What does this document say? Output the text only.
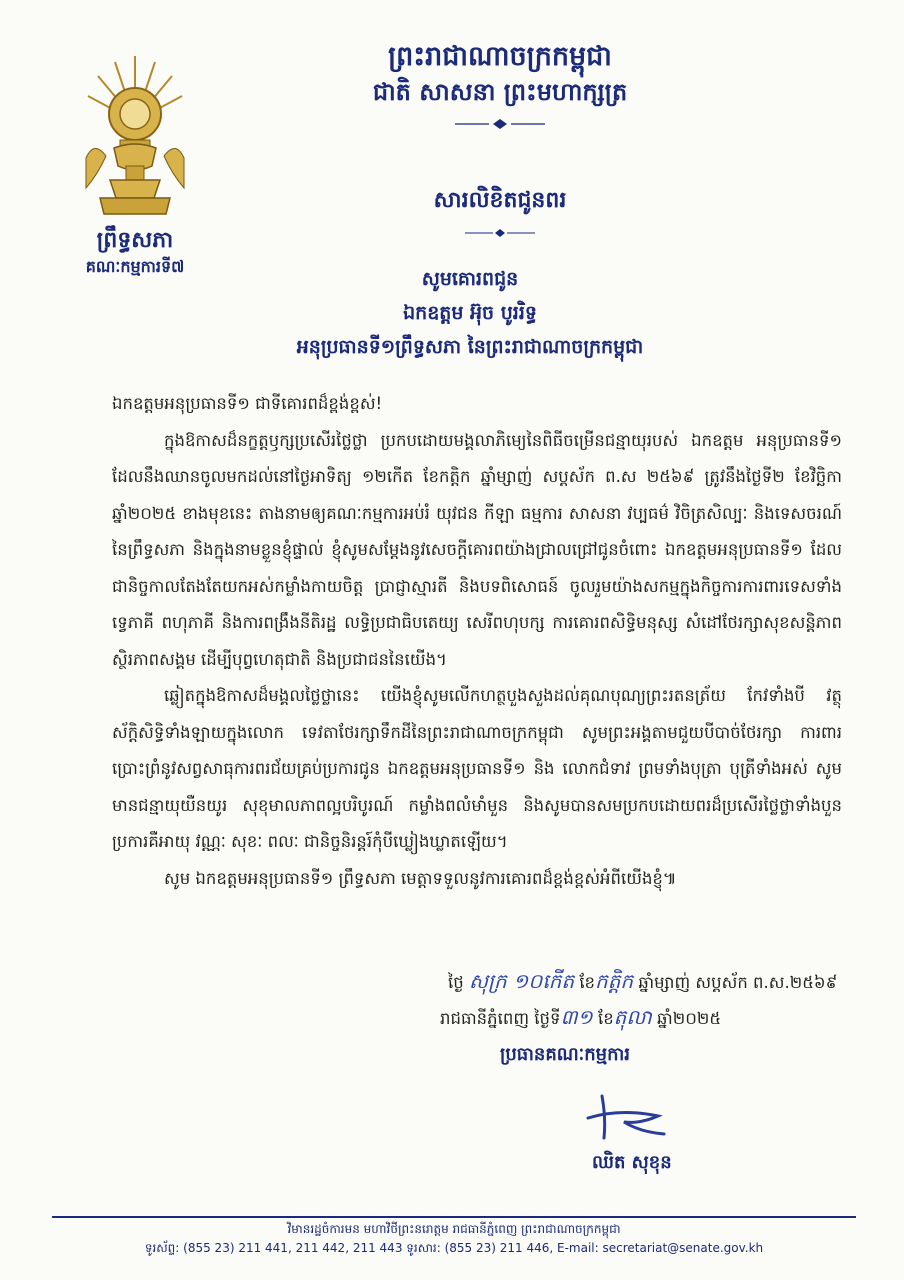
ព្រះរាជាណាចក្រកម្ពុជា
ជាតិ សាសនា ព្រះមហាក្សត្រ
ព្រឹទ្ធសភា
គណៈកម្មការទី៧
សារលិខិតជូនពរ
សូមគោរពជូន
ឯកឧត្តម អ៊ុច បូររិទ្ធ
អនុប្រធានទី១ព្រឹទ្ធសភា នៃព្រះរាជាណាចក្រកម្ពុជា

ឯកឧត្តមអនុប្រធានទី១ ជាទីគោរពដ៏ខ្ពង់ខ្ពស់!

ក្នុងឱកាសដ៏នក្ខត្តឫក្សប្រសើរថ្លៃថ្លា ប្រកបដោយមង្គលាភិម្យេនៃពិធីចម្រើនជន្មាយុរបស់ ឯកឧត្តម អនុប្រធានទី១ ដែលនឹងឈានចូលមកដល់នៅថ្ងៃអាទិត្យ ១២កើត ខែកត្តិក ឆ្នាំម្សាញ់ សប្តស័ក ព.ស ២៥៦៩ ត្រូវនឹងថ្ងៃទី២ ខែវិច្ឆិកា ឆ្នាំ២០២៥ ខាងមុខនេះ តាងនាមឲ្យគណៈកម្មការអប់រំ យុវជន កីឡា ធម្មការ សាសនា វប្បធម៌ វិចិត្រសិល្បៈ និងទេសចរណ៍ នៃព្រឹទ្ធសភា និងក្នុងនាមខ្លួនខ្ញុំផ្ទាល់ ខ្ញុំសូមសម្តែងនូវសេចក្តីគោរពយ៉ាងជ្រាលជ្រៅជូនចំពោះ ឯកឧត្តមអនុប្រធានទី១ ដែលជានិច្ចកាលតែងតែយកអស់កម្លាំងកាយចិត្ត ប្រាជ្ញាស្មារតី និងបទពិសោធន៍ ចូលរួមយ៉ាងសកម្មក្នុងកិច្ចការការពារទេសទាំងទ្វេភាគី ពហុភាគី និងការពង្រឹងនីតិរដ្ឋ លទ្ធិប្រជាធិបតេយ្យ សេរីពហុបក្ស ការគោរពសិទ្ធិមនុស្ស សំដៅថែរក្សាសុខសន្តិភាព ស្ថិរភាពសង្គម ដើម្បីបុព្វហេតុជាតិ និងប្រជាជននៃយើង។

ឆ្លៀតក្នុងឱកាសដ៏មង្គលថ្លៃថ្លានេះ យើងខ្ញុំសូមលើកហត្ថបួងសួងដល់គុណបុណ្យព្រះរតនត្រ័យ កែវទាំងបី វត្ថុស័ក្តិសិទ្ធិទាំងឡាយក្នុងលោក ទេវតាថែរក្សាទឹកដីនៃព្រះរាជាណាចក្រកម្ពុជា សូមព្រះអង្គតាមជួយបីបាច់ថែរក្សា ការពារ ប្រោះព្រំនូវសព្វសាធុការពរជ័យគ្រប់ប្រការជូន ឯកឧត្តមអនុប្រធានទី១ និង លោកជំទាវ ព្រមទាំងបុត្រា បុត្រីទាំងអស់ សូមមានជន្មាយុយឺនយូរ សុខុមាលភាពល្អបរិបូរណ៍ កម្លាំងពលំមាំមួន និងសូមបានសមប្រកបដោយពរដ៏ប្រសើរថ្លៃថ្លាទាំងបួនប្រការគឺអាយុ វណ្ណៈ សុខៈ ពលៈ ជានិច្ចនិរន្តរ៍កុំបីឃ្លៀងឃ្លាតឡើយ។

សូម ឯកឧត្តមអនុប្រធានទី១ ព្រឹទ្ធសភា មេត្តាទទួលនូវការគោរពដ៏ខ្ពង់ខ្ពស់អំពីយើងខ្ញុំ៕

ថ្ងៃ សុក្រ ១០កើត ខែកត្តិក ឆ្នាំម្សាញ់ សប្តស័ក ព.ស.២៥៦៩
រាជធានីភ្នំពេញ ថ្ងៃទី៣១ ខែតុលា ឆ្នាំ២០២៥
ប្រធានគណៈកម្មការ
ឈិត សុខុន
វិមានរដ្ឋចំការមន មហាវិថីព្រះនរោត្តម រាជធានីភ្នំពេញ ព្រះរាជាណាចក្រកម្ពុជា
ទូរស័ព្ទ: (855 23) 211 441, 211 442, 211 443 ទូរសារ: (855 23) 211 446, E-mail: secretariat@senate.gov.kh
